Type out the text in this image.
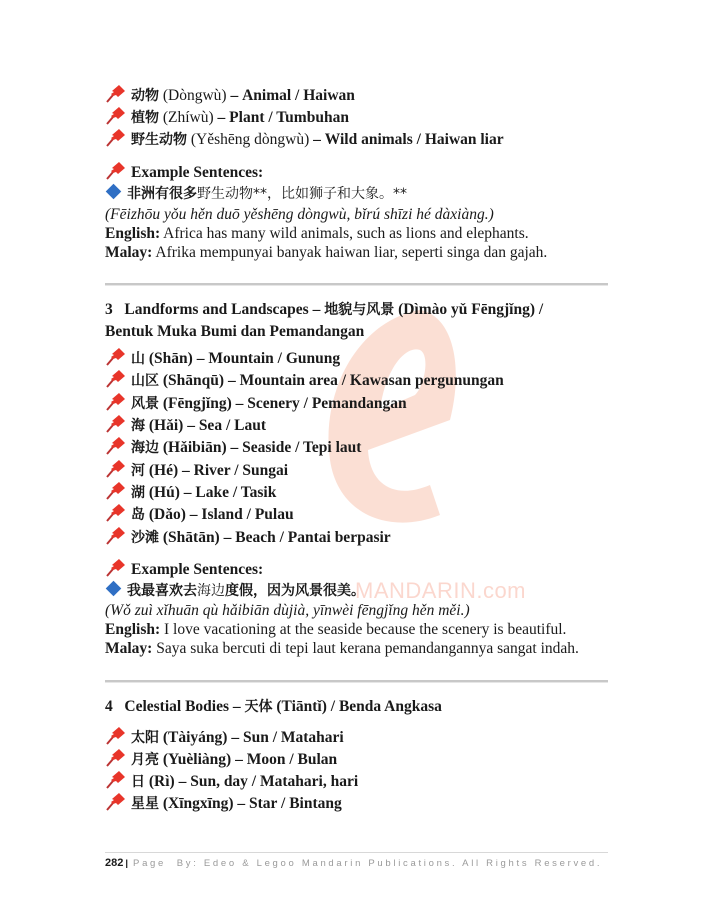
MANDARIN.com
动物 (Dòngwù) – Animal / Haiwan
植物 (Zhíwù) – Plant / Tumbuhan
野生动物 (Yěshēng dòngwù) – Wild animals / Haiwan liar
Example Sentences:
非洲有很多野生动物**，比如狮子和大象。**
(Fēizhōu yǒu hěn duō yěshēng dòngwù, bǐrú shīzi hé dàxiàng.)
English: Africa has many wild animals, such as lions and elephants.
Malay: Afrika mempunyai banyak haiwan liar, seperti singa dan gajah.
3 Landforms and Landscapes – 地貌与风景 (Dìmào yǔ Fēngjǐng) /
Bentuk Muka Bumi dan Pemandangan
山 (Shān) – Mountain / Gunung
山区 (Shānqū) – Mountain area / Kawasan pergunungan
风景 (Fēngjǐng) – Scenery / Pemandangan
海 (Hǎi) – Sea / Laut
海边 (Hǎibiān) – Seaside / Tepi laut
河 (Hé) – River / Sungai
湖 (Hú) – Lake / Tasik
岛 (Dǎo) – Island / Pulau
沙滩 (Shātān) – Beach / Pantai berpasir
Example Sentences:
我最喜欢去海边度假，因为风景很美。
(Wǒ zuì xǐhuān qù hǎibiān dùjià, yīnwèi fēngjǐng hěn měi.)
English: I love vacationing at the seaside because the scenery is beautiful.
Malay: Saya suka bercuti di tepi laut kerana pemandangannya sangat indah.
4 Celestial Bodies – 天体 (Tiāntǐ) / Benda Angkasa
太阳 (Tàiyáng) – Sun / Matahari
月亮 (Yuèliàng) – Moon / Bulan
日 (Rì) – Sun, day / Matahari, hari
星星 (Xīngxīng) – Star / Bintang
282 | Page By: Edeo & Legoo Mandarin Publications. All Rights Reserved.
